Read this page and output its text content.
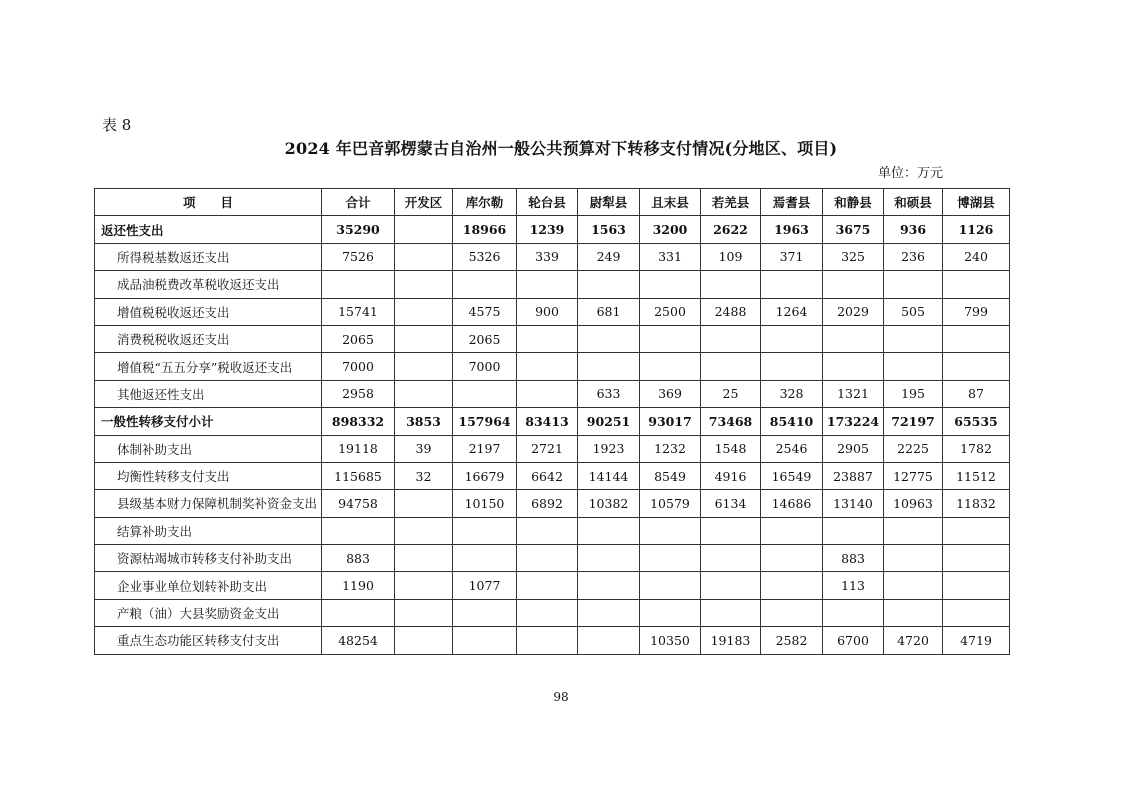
表 8
2024 年巴音郭楞蒙古自治州一般公共预算对下转移支付情况(分地区、项目)
单位：万元
项　　目	合计	开发区	库尔勒	轮台县	尉犁县	且末县	若羌县	焉耆县	和静县	和硕县	博湖县
返还性支出	35290		18966	1239	1563	3200	2622	1963	3675	936	1126
所得税基数返还支出	7526		5326	339	249	331	109	371	325	236	240
成品油税费改革税收返还支出											
增值税税收返还支出	15741		4575	900	681	2500	2488	1264	2029	505	799
消费税税收返还支出	2065		2065								
增值税“五五分享”税收返还支出	7000		7000								
其他返还性支出	2958				633	369	25	328	1321	195	87
一般性转移支付小计	898332	3853	157964	83413	90251	93017	73468	85410	173224	72197	65535
体制补助支出	19118	39	2197	2721	1923	1232	1548	2546	2905	2225	1782
均衡性转移支付支出	115685	32	16679	6642	14144	8549	4916	16549	23887	12775	11512
县级基本财力保障机制奖补资金支出	94758		10150	6892	10382	10579	6134	14686	13140	10963	11832
结算补助支出											
资源枯竭城市转移支付补助支出	883								883		
企业事业单位划转补助支出	1190		1077						113		
产粮（油）大县奖励资金支出											
重点生态功能区转移支付支出	48254					10350	19183	2582	6700	4720	4719
98
